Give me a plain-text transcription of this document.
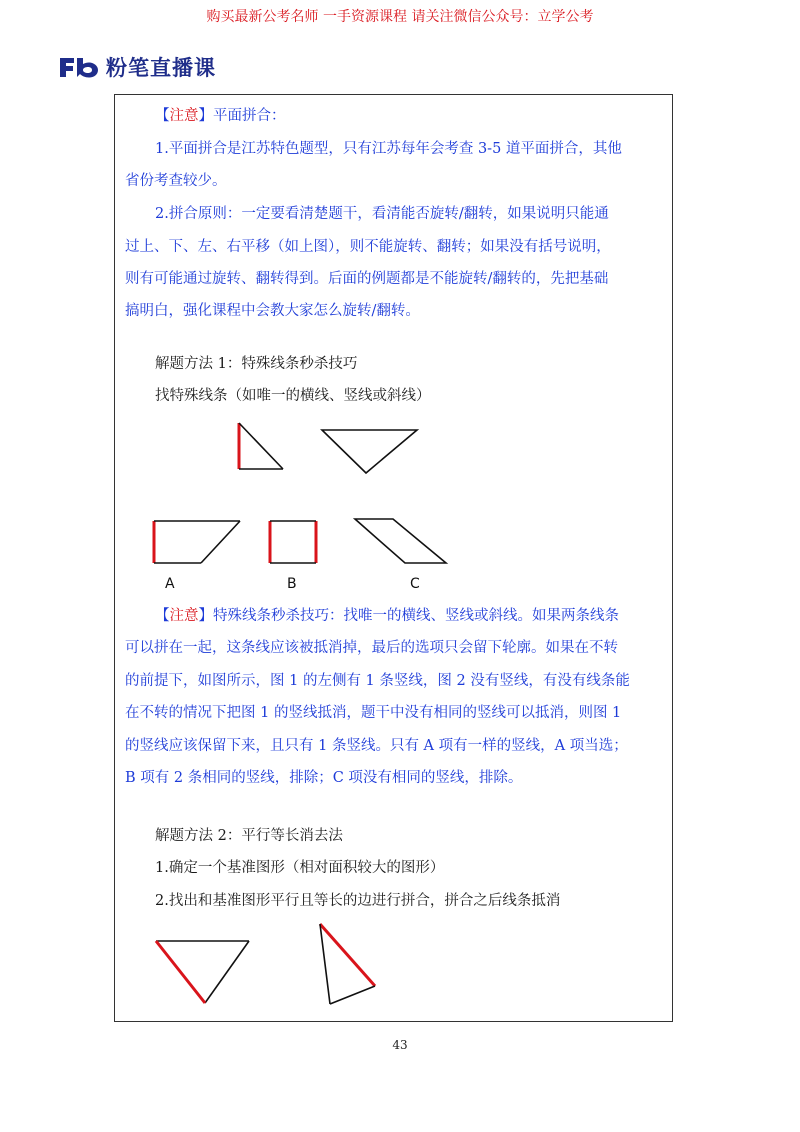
购买最新公考名师 一手资源课程 请关注微信公众号：立学公考
粉笔直播课
【注意】平面拼合：
1.平面拼合是江苏特色题型，只有江苏每年会考查 3-5 道平面拼合，其他
省份考查较少。
2.拼合原则：一定要看清楚题干，看清能否旋转/翻转，如果说明只能通
过上、下、左、右平移（如上图），则不能旋转、翻转；如果没有括号说明，
则有可能通过旋转、翻转得到。后面的例题都是不能旋转/翻转的，先把基础
搞明白，强化课程中会教大家怎么旋转/翻转。
解题方法 1：特殊线条秒杀技巧
找特殊线条（如唯一的横线、竖线或斜线）
A	B	C
【注意】特殊线条秒杀技巧：找唯一的横线、竖线或斜线。如果两条线条
可以拼在一起，这条线应该被抵消掉，最后的选项只会留下轮廓。如果在不转
的前提下，如图所示，图 1 的左侧有 1 条竖线，图 2 没有竖线，有没有线条能
在不转的情况下把图 1 的竖线抵消，题干中没有相同的竖线可以抵消，则图 1
的竖线应该保留下来，且只有 1 条竖线。只有 A 项有一样的竖线，A 项当选；
B 项有 2 条相同的竖线，排除；C 项没有相同的竖线，排除。
解题方法 2：平行等长消去法
1.确定一个基准图形（相对面积较大的图形）
2.找出和基准图形平行且等长的边进行拼合，拼合之后线条抵消
43
